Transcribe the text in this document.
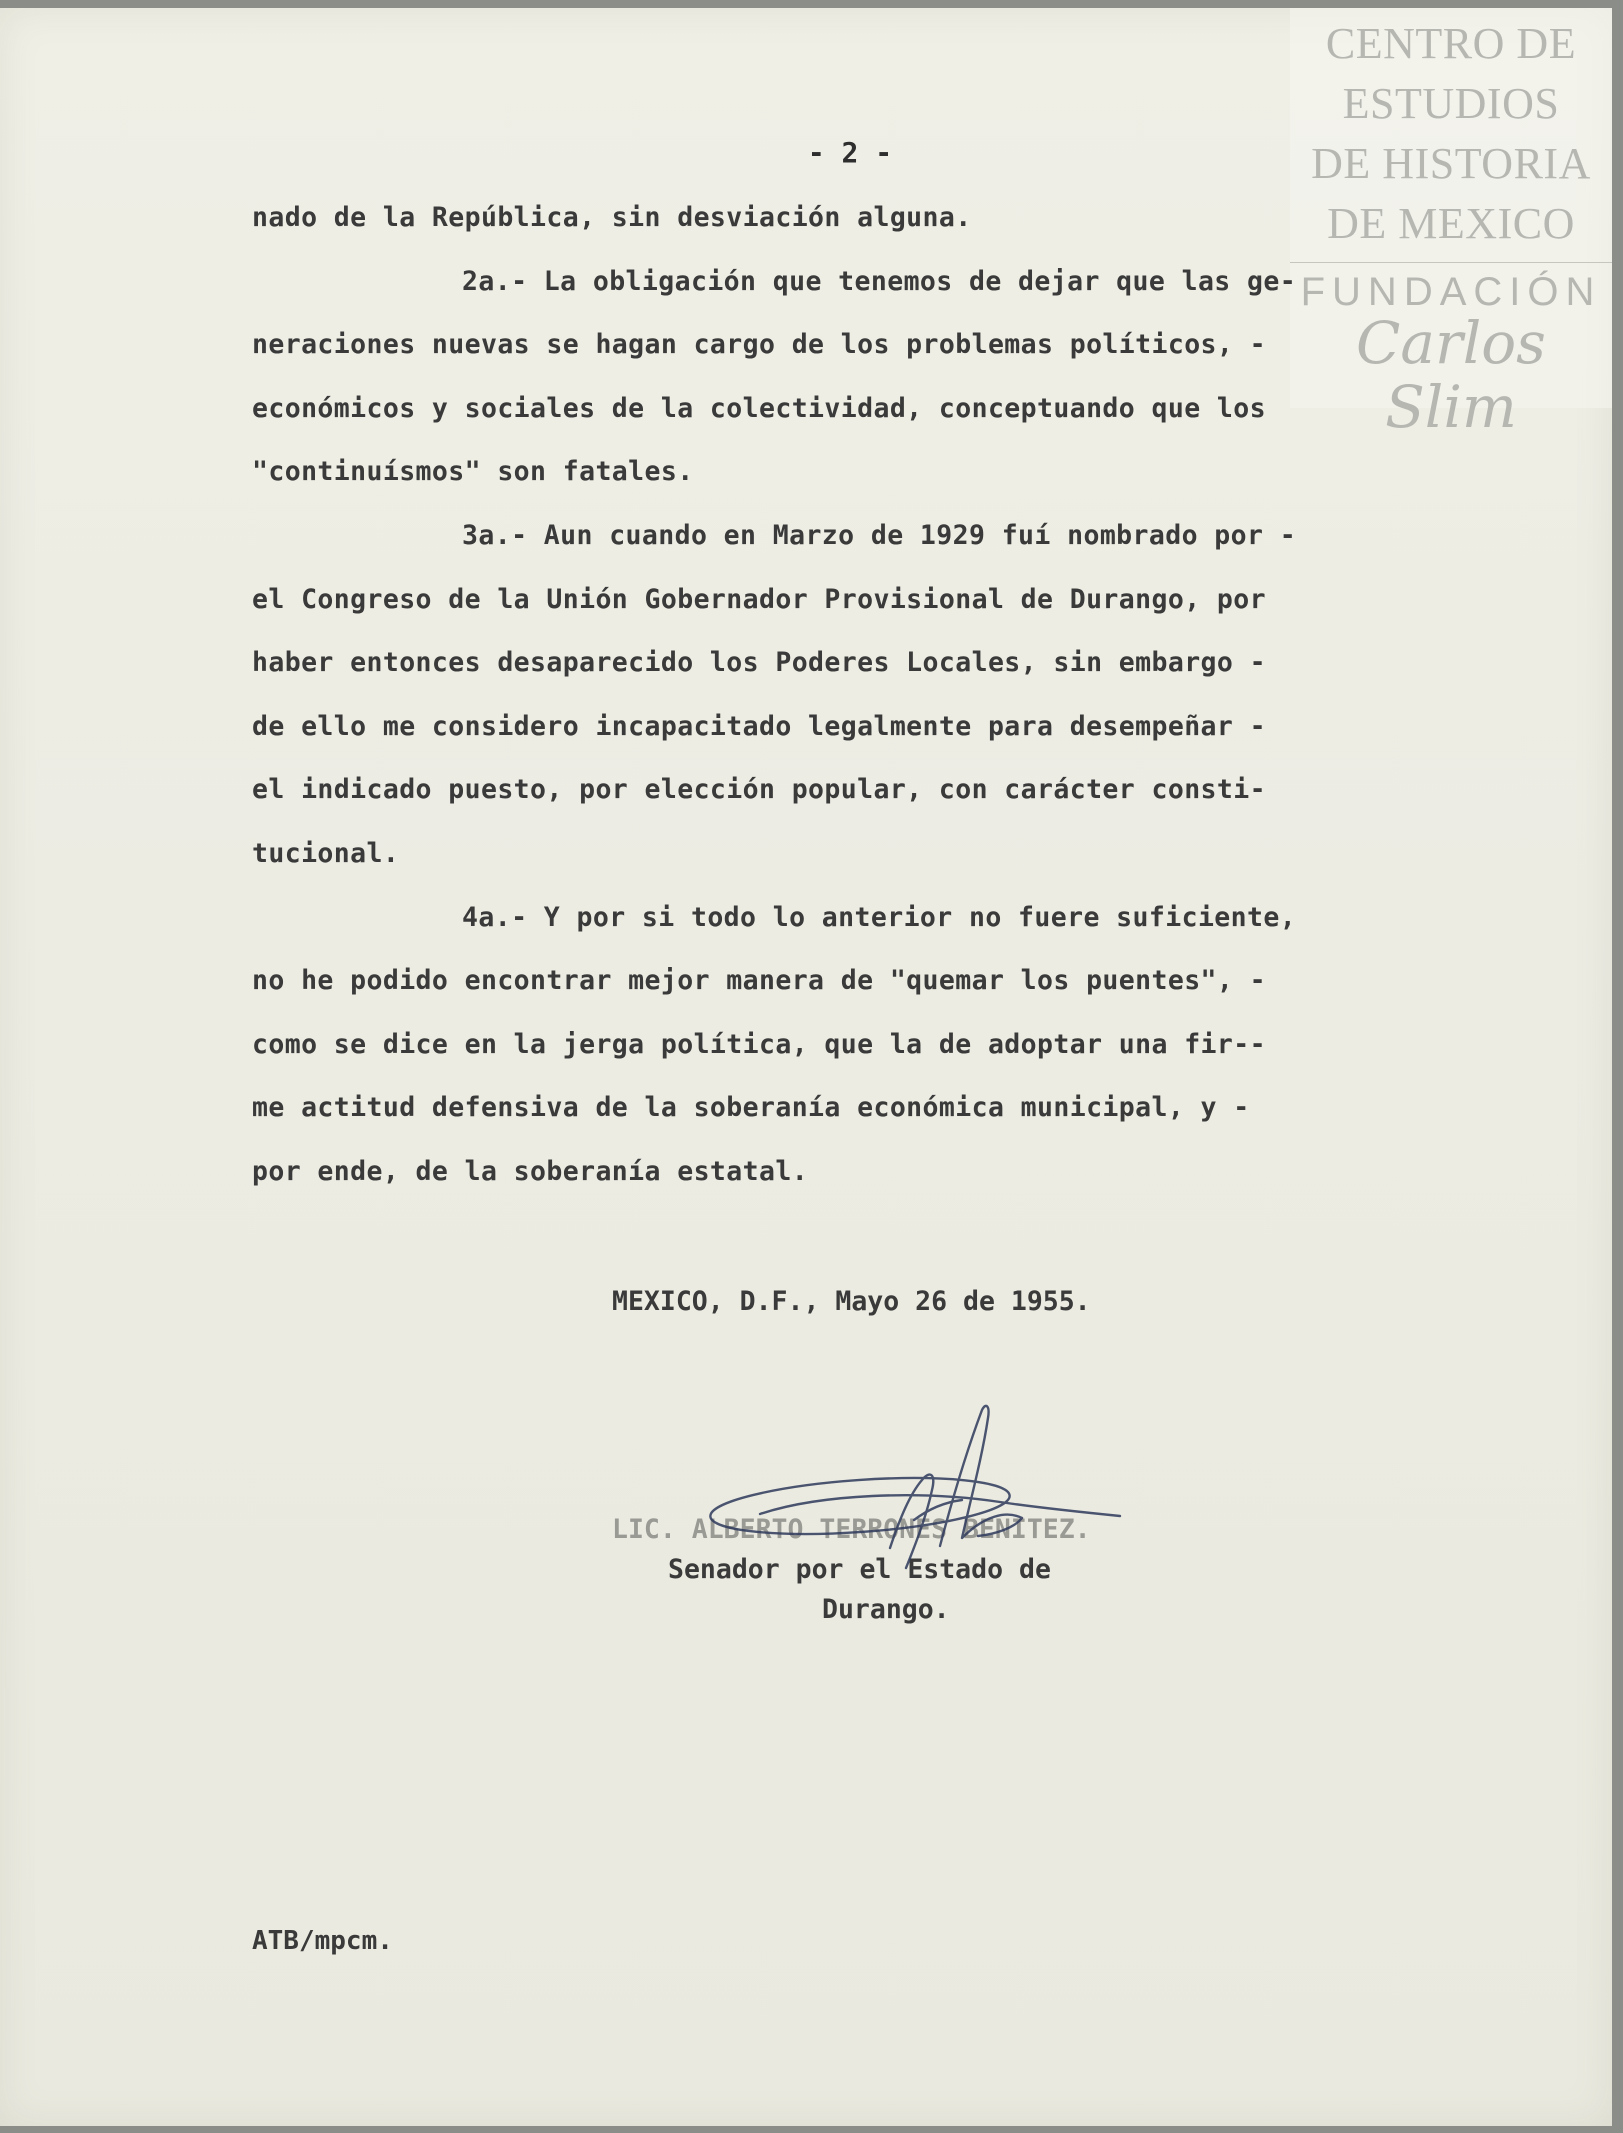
CENTRO DE
ESTUDIOS
DE HISTORIA
DE MEXICO
FUNDACIÓN
Carlos Slim
- 2 -
nado de la República, sin desviación alguna.
2a.- La obligación que tenemos de dejar que las ge-
neraciones nuevas se hagan cargo de los problemas políticos, -
económicos y sociales de la colectividad, conceptuando que los
"continuísmos" son fatales.
3a.- Aun cuando en Marzo de 1929 fuí nombrado por -
el Congreso de la Unión Gobernador Provisional de Durango, por
haber entonces desaparecido los Poderes Locales, sin embargo -
de ello me considero incapacitado legalmente para desempeñar -
el indicado puesto, por elección popular, con carácter consti-
tucional.
4a.- Y por si todo lo anterior no fuere suficiente,
no he podido encontrar mejor manera de "quemar los puentes", -
como se dice en la jerga política, que la de adoptar una fir--
me actitud defensiva de la soberanía económica municipal, y -
por ende, de la soberanía estatal.
MEXICO, D.F., Mayo 26 de 1955.
LIC. ALBERTO TERRONES BENITEZ.
Senador por el Estado de
Durango.
ATB/mpcm.
